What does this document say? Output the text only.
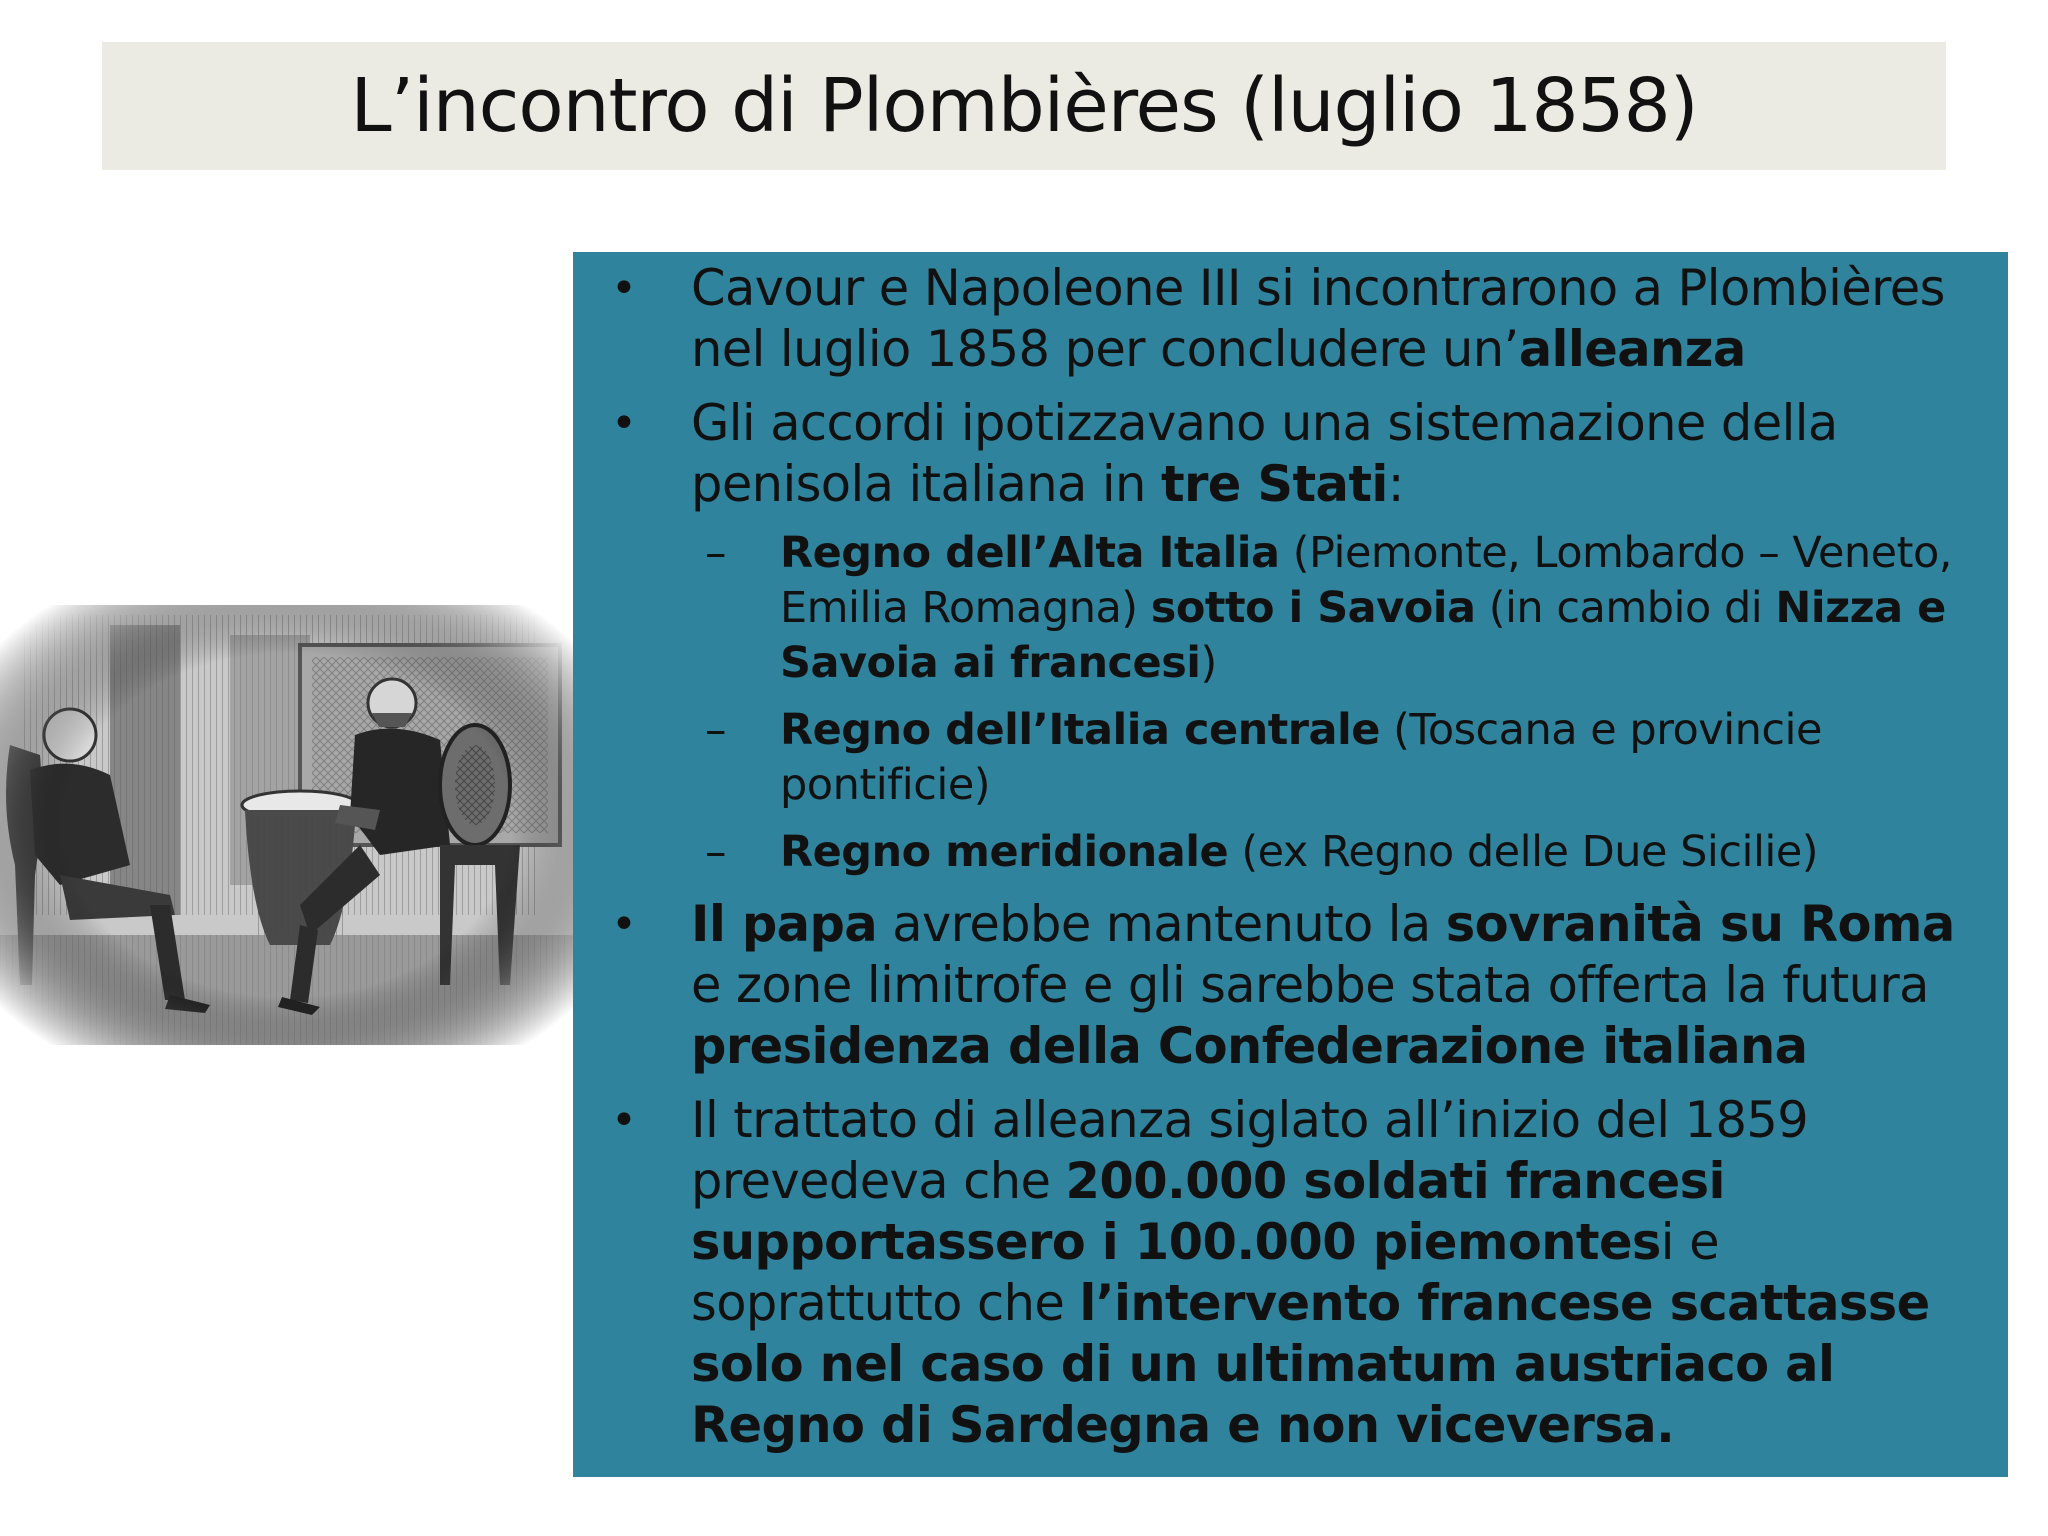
L’incontro di Plombières (luglio 1858)
• Cavour e Napoleone III si incontrarono a Plombières nel luglio 1858 per concludere un’alleanza
• Gli accordi ipotizzavano una sistemazione della penisola italiana in tre Stati:
– Regno dell’Alta Italia (Piemonte, Lombardo – Veneto, Emilia Romagna) sotto i Savoia (in cambio di Nizza e Savoia ai francesi)
– Regno dell’Italia centrale (Toscana e provincie pontificie)
– Regno meridionale (ex Regno delle Due Sicilie)
• Il papa avrebbe mantenuto la sovranità su Roma e zone limitrofe e gli sarebbe stata offerta la futura presidenza della Confederazione italiana
• Il trattato di alleanza siglato all’inizio del 1859 prevedeva che 200.000 soldati francesi supportassero i 100.000 piemontesi e soprattutto che l’intervento francese scattasse solo nel caso di un ultimatum austriaco al Regno di Sardegna e non viceversa.
